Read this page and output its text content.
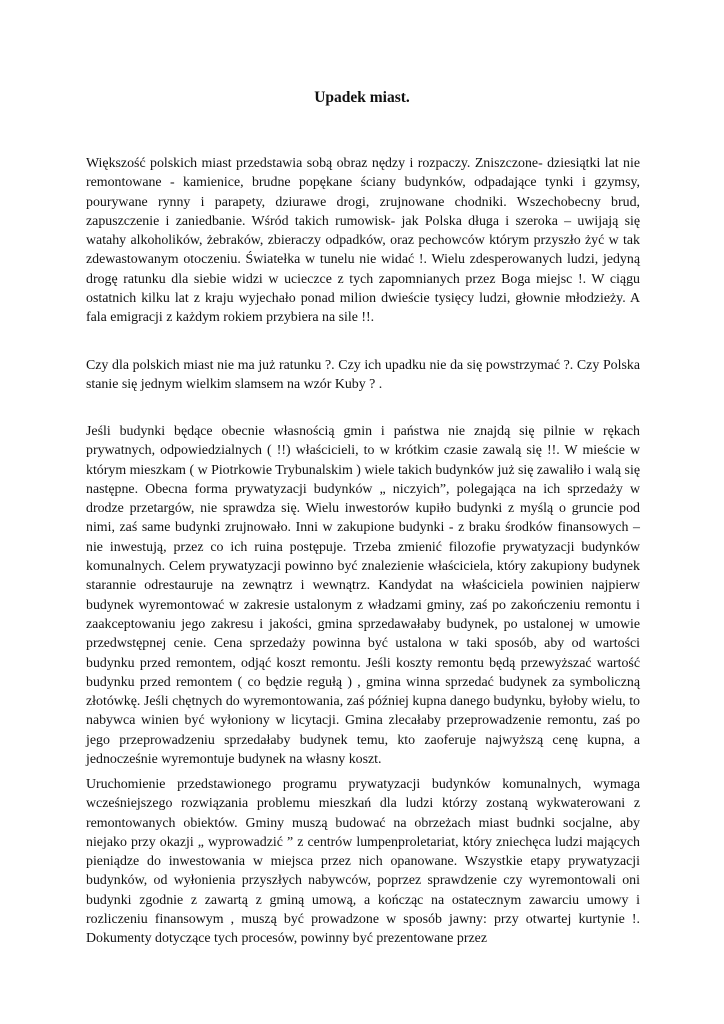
Upadek miast.

Większość polskich miast przedstawia sobą obraz nędzy i rozpaczy. Zniszczone- dziesiątki lat nie remontowane - kamienice, brudne popękane ściany budynków, odpadające tynki i gzymsy, pourywane rynny i parapety, dziurawe drogi, zrujnowane chodniki. Wszechobecny brud, zapuszczenie i zaniedbanie. Wśród takich rumowisk- jak Polska długa i szeroka – uwijają się watahy alkoholików, żebraków, zbieraczy odpadków, oraz pechowców którym przyszło żyć w tak zdewastowanym otoczeniu. Światełka w tunelu nie widać !. Wielu zdesperowanych ludzi, jedyną drogę ratunku dla siebie widzi w ucieczce z tych zapomnianych przez Boga miejsc !. W ciągu ostatnich kilku lat z kraju wyjechało ponad milion dwieście tysięcy ludzi, głownie młodzieży. A fala emigracji z każdym rokiem przybiera na sile !!.

Czy dla polskich miast nie ma już ratunku ?. Czy ich upadku nie da się powstrzymać ?. Czy Polska stanie się jednym wielkim slamsem na wzór Kuby ? .

Jeśli budynki będące obecnie własnością gmin i państwa nie znajdą się pilnie w rękach prywatnych, odpowiedzialnych ( !!) właścicieli, to w krótkim czasie zawalą się !!. W mieście w którym mieszkam ( w Piotrkowie Trybunalskim ) wiele takich budynków już się zawaliło i walą się następne. Obecna forma prywatyzacji budynków „ niczyich”, polegająca na ich sprzedaży w drodze przetargów, nie sprawdza się. Wielu inwestorów kupiło budynki z myślą o gruncie pod nimi, zaś same budynki zrujnowało. Inni w zakupione budynki - z braku środków finansowych – nie inwestują, przez co ich ruina postępuje. Trzeba zmienić filozofie prywatyzacji budynków komunalnych. Celem prywatyzacji powinno być znalezienie właściciela, który zakupiony budynek starannie odrestauruje na zewnątrz i wewnątrz. Kandydat na właściciela powinien najpierw budynek wyremontować w zakresie ustalonym z władzami gminy, zaś po zakończeniu remontu i zaakceptowaniu jego zakresu i jakości, gmina sprzedawałaby budynek, po ustalonej w umowie przedwstępnej cenie. Cena sprzedaży powinna być ustalona w taki sposób, aby od wartości budynku przed remontem, odjąć koszt remontu. Jeśli koszty remontu będą przewyższać wartość budynku przed remontem ( co będzie regułą ) , gmina winna sprzedać budynek za symboliczną złotówkę. Jeśli chętnych do wyremontowania, zaś później kupna danego budynku, byłoby wielu, to nabywca winien być wyłoniony w licytacji. Gmina zlecałaby przeprowadzenie remontu, zaś po jego przeprowadzeniu sprzedałaby budynek temu, kto zaoferuje najwyższą cenę kupna, a jednocześnie wyremontuje budynek na własny koszt.

Uruchomienie przedstawionego programu prywatyzacji budynków komunalnych, wymaga wcześniejszego rozwiązania problemu mieszkań dla ludzi którzy zostaną wykwaterowani z remontowanych obiektów. Gminy muszą budować na obrzeżach miast budnki socjalne, aby niejako przy okazji „ wyprowadzić ” z centrów lumpenproletariat, który zniechęca ludzi mających pieniądze do inwestowania w miejsca przez nich opanowane. Wszystkie etapy prywatyzacji budynków, od wyłonienia przyszłych nabywców, poprzez sprawdzenie czy wyremontowali oni budynki zgodnie z zawartą z gminą umową, a kończąc na ostatecznym zawarciu umowy i rozliczeniu finansowym , muszą być prowadzone w sposób jawny: przy otwartej kurtynie !. Dokumenty dotyczące tych procesów, powinny być prezentowane przez
